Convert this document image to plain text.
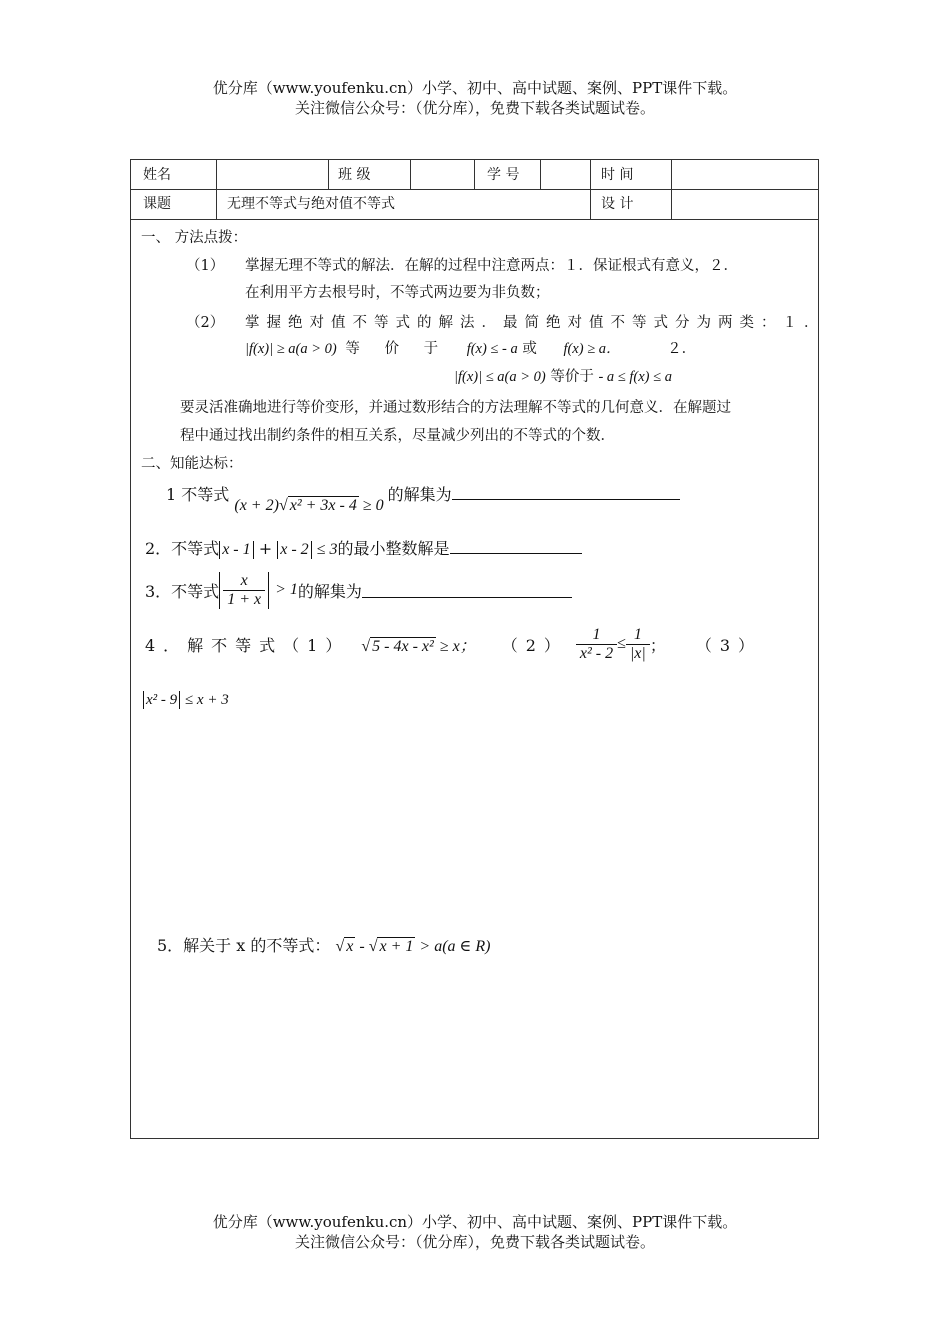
优分库（www.youfenku.cn）小学、初中、高中试题、案例、PPT课件下载。
关注微信公众号：（优分库），免费下载各类试题试卷。
姓名	班 级	学 号	时 间
课题	无理不等式与绝对值不等式	设 计
一、 方法点拨：
（1） 掌握无理不等式的解法．在解的过程中注意两点：１．保证根式有意义，２．
在利用平方去根号时，不等式两边要为非负数；
（2） 掌握绝对值不等式的解法．最简绝对值不等式分为两类：１．
|f(x)| ≥ a(a > 0) 等 价 于 f(x) ≤ - a 或 f(x) ≥ a．	２．
|f(x)| ≤ a(a > 0) 等价于 - a ≤ f(x) ≤ a
要灵活准确地进行等价变形，并通过数形结合的方法理解不等式的几何意义．在解题过
程中通过找出制约条件的相互关系，尽量减少列出的不等式的个数．
二、知能达标：
1 不等式 (x + 2)√ x² + 3x - 4 ≥ 0 的解集为
2．不等式 x - 1 + x - 2 ≤ 3的最小整数解是
3．不等式 $\frac{x}{1 + x} > 1$ 的解集为
4．解不等式（1） √ 5 - 4x - x² ≥ x； $(2) \frac{1}{\text{x² - 2}} \le \frac{1}{|x|}$ ； （3）
x² - 9 ≤ x + 3
5．解关于 x 的不等式： √ x - √ x + 1 > a(a ∈ R)
优分库（www.youfenku.cn）小学、初中、高中试题、案例、PPT课件下载。
关注微信公众号：（优分库），免费下载各类试题试卷。
